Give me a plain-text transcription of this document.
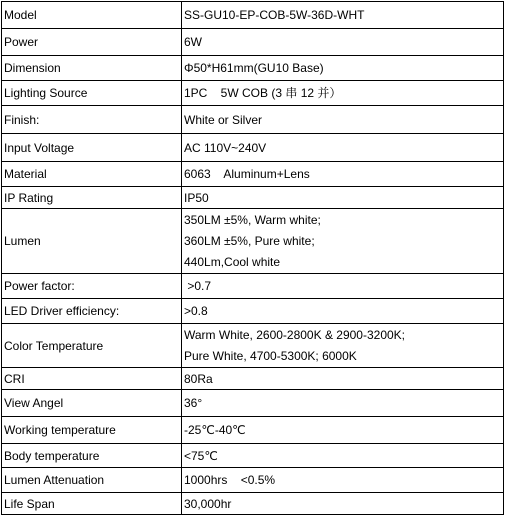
Model	SS-GU10-EP-COB-5W-36D-WHT
Power	6W
Dimension	Φ50*H61mm(GU10 Base)
Lighting Source	1PC    5W COB (3 串 12 并）
Finish:	White or Silver
Input Voltage	AC 110V~240V
Material	6063    Aluminum+Lens
IP Rating	IP50
Lumen	350LM ±5%, Warm white;
360LM ±5%, Pure white;
440Lm,Cool white

Power factor:	>0.7
LED Driver efficiency:	>0.8
Color Temperature	Warm White, 2600-2800K & 2900-3200K;
Pure White, 4700-5300K; 6000K

CRI	80Ra
View Angel	36°
Working temperature	-25℃-40℃
Body temperature	<75℃
Lumen Attenuation	1000hrs    <0.5%
Life Span	30,000hr
